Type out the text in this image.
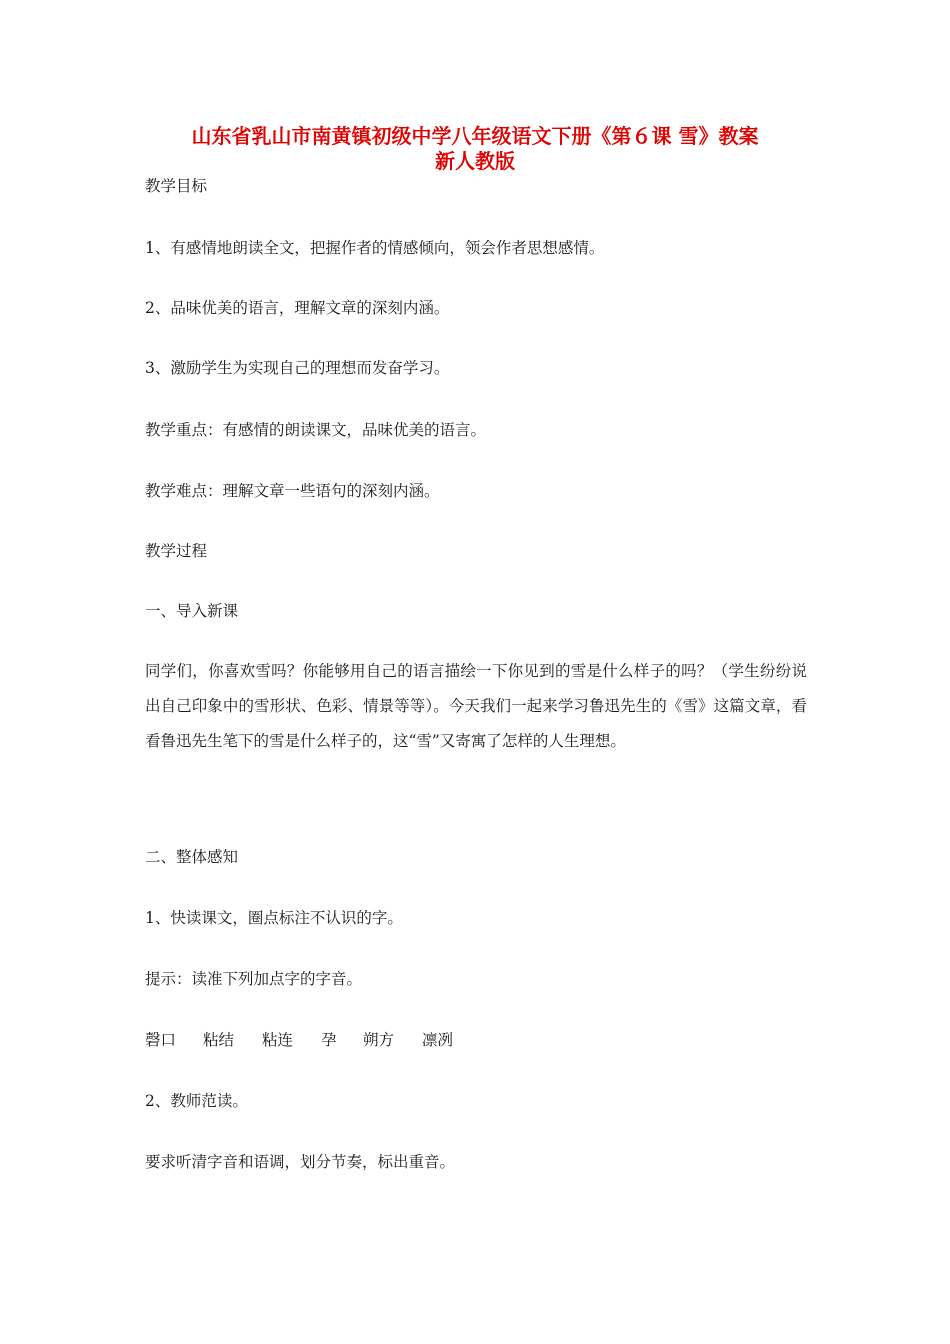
山东省乳山市南黄镇初级中学八年级语文下册《第６课 雪》教案
新人教版

教学目标

1、有感情地朗读全文，把握作者的情感倾向，领会作者思想感情。

2、品味优美的语言，理解文章的深刻内涵。

3、激励学生为实现自己的理想而发奋学习。

教学重点：有感情的朗读课文，品味优美的语言。

教学难点：理解文章一些语句的深刻内涵。

教学过程

一、导入新课

同学们，你喜欢雪吗？你能够用自己的语言描绘一下你见到的雪是什么样子的吗？（学生纷纷说出自己印象中的雪形状、色彩、情景等等）。今天我们一起来学习鲁迅先生的《雪》这篇文章，看看鲁迅先生笔下的雪是什么样子的，这“雪”又寄寓了怎样的人生理想。

二、整体感知

1、快读课文，圈点标注不认识的字。

提示：读准下列加点字的字音。

磬口 粘结 粘连 孕 朔方 凛冽

2、教师范读。

要求听清字音和语调，划分节奏，标出重音。
